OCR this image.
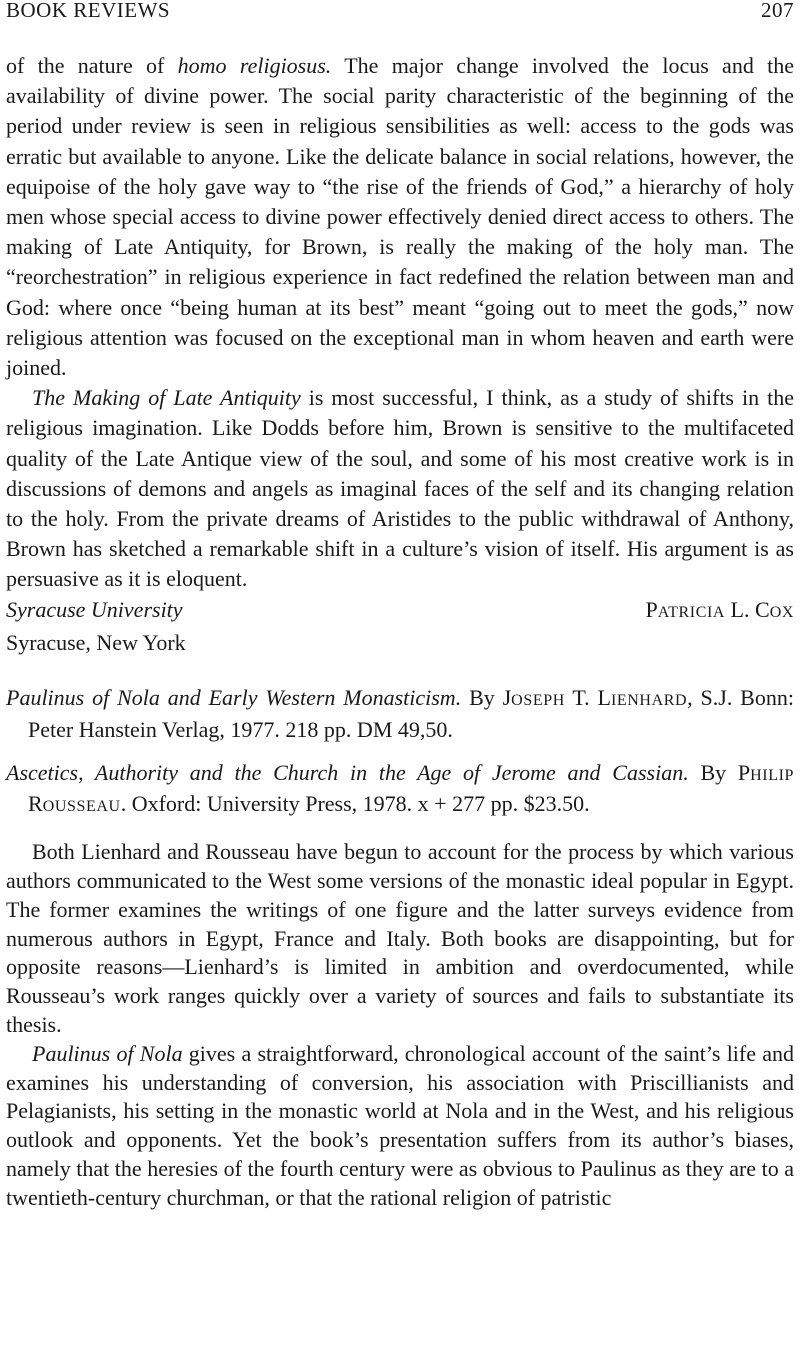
BOOK REVIEWS	207

of the nature of homo religiosus. The major change involved the locus and the availability of divine power. The social parity characteristic of the beginning of the period under review is seen in religious sensibilities as well: access to the gods was erratic but available to anyone. Like the delicate balance in social relations, however, the equipoise of the holy gave way to “the rise of the friends of God,” a hierarchy of holy men whose special access to divine power effectively denied direct access to others. The making of Late Antiquity, for Brown, is really the making of the holy man. The “reorchestration” in religious experience in fact redefined the relation between man and God: where once “being human at its best” meant “going out to meet the gods,” now religious attention was focused on the exceptional man in whom heaven and earth were joined.

The Making of Late Antiquity is most successful, I think, as a study of shifts in the religious imagination. Like Dodds before him, Brown is sensitive to the multifaceted quality of the Late Antique view of the soul, and some of his most creative work is in discussions of demons and angels as imaginal faces of the self and its changing relation to the holy. From the private dreams of Aristides to the public withdrawal of Anthony, Brown has sketched a remarkable shift in a culture’s vision of itself. His argument is as persuasive as it is eloquent.

Syracuse University	PATRICIA L. COX
Syracuse, New York
Paulinus of Nola and Early Western Monasticism. By JOSEPH T. LIENHARD, S.J. Bonn: Peter Hanstein Verlag, 1977. 218 pp. DM 49,50.
Ascetics, Authority and the Church in the Age of Jerome and Cassian. By PHILIP ROUSSEAU. Oxford: University Press, 1978. x + 277 pp. $23.50.

Both Lienhard and Rousseau have begun to account for the process by which various authors communicated to the West some versions of the monastic ideal popular in Egypt. The former examines the writings of one figure and the latter surveys evidence from numerous authors in Egypt, France and Italy. Both books are disappointing, but for opposite reasons—Lienhard’s is limited in ambition and overdocumented, while Rousseau’s work ranges quickly over a variety of sources and fails to substantiate its thesis.

Paulinus of Nola gives a straightforward, chronological account of the saint’s life and examines his understanding of conversion, his association with Priscillianists and Pelagianists, his setting in the monastic world at Nola and in the West, and his religious outlook and opponents. Yet the book’s presentation suffers from its author’s biases, namely that the heresies of the fourth century were as obvious to Paulinus as they are to a twentieth-century churchman, or that the rational religion of patristic
